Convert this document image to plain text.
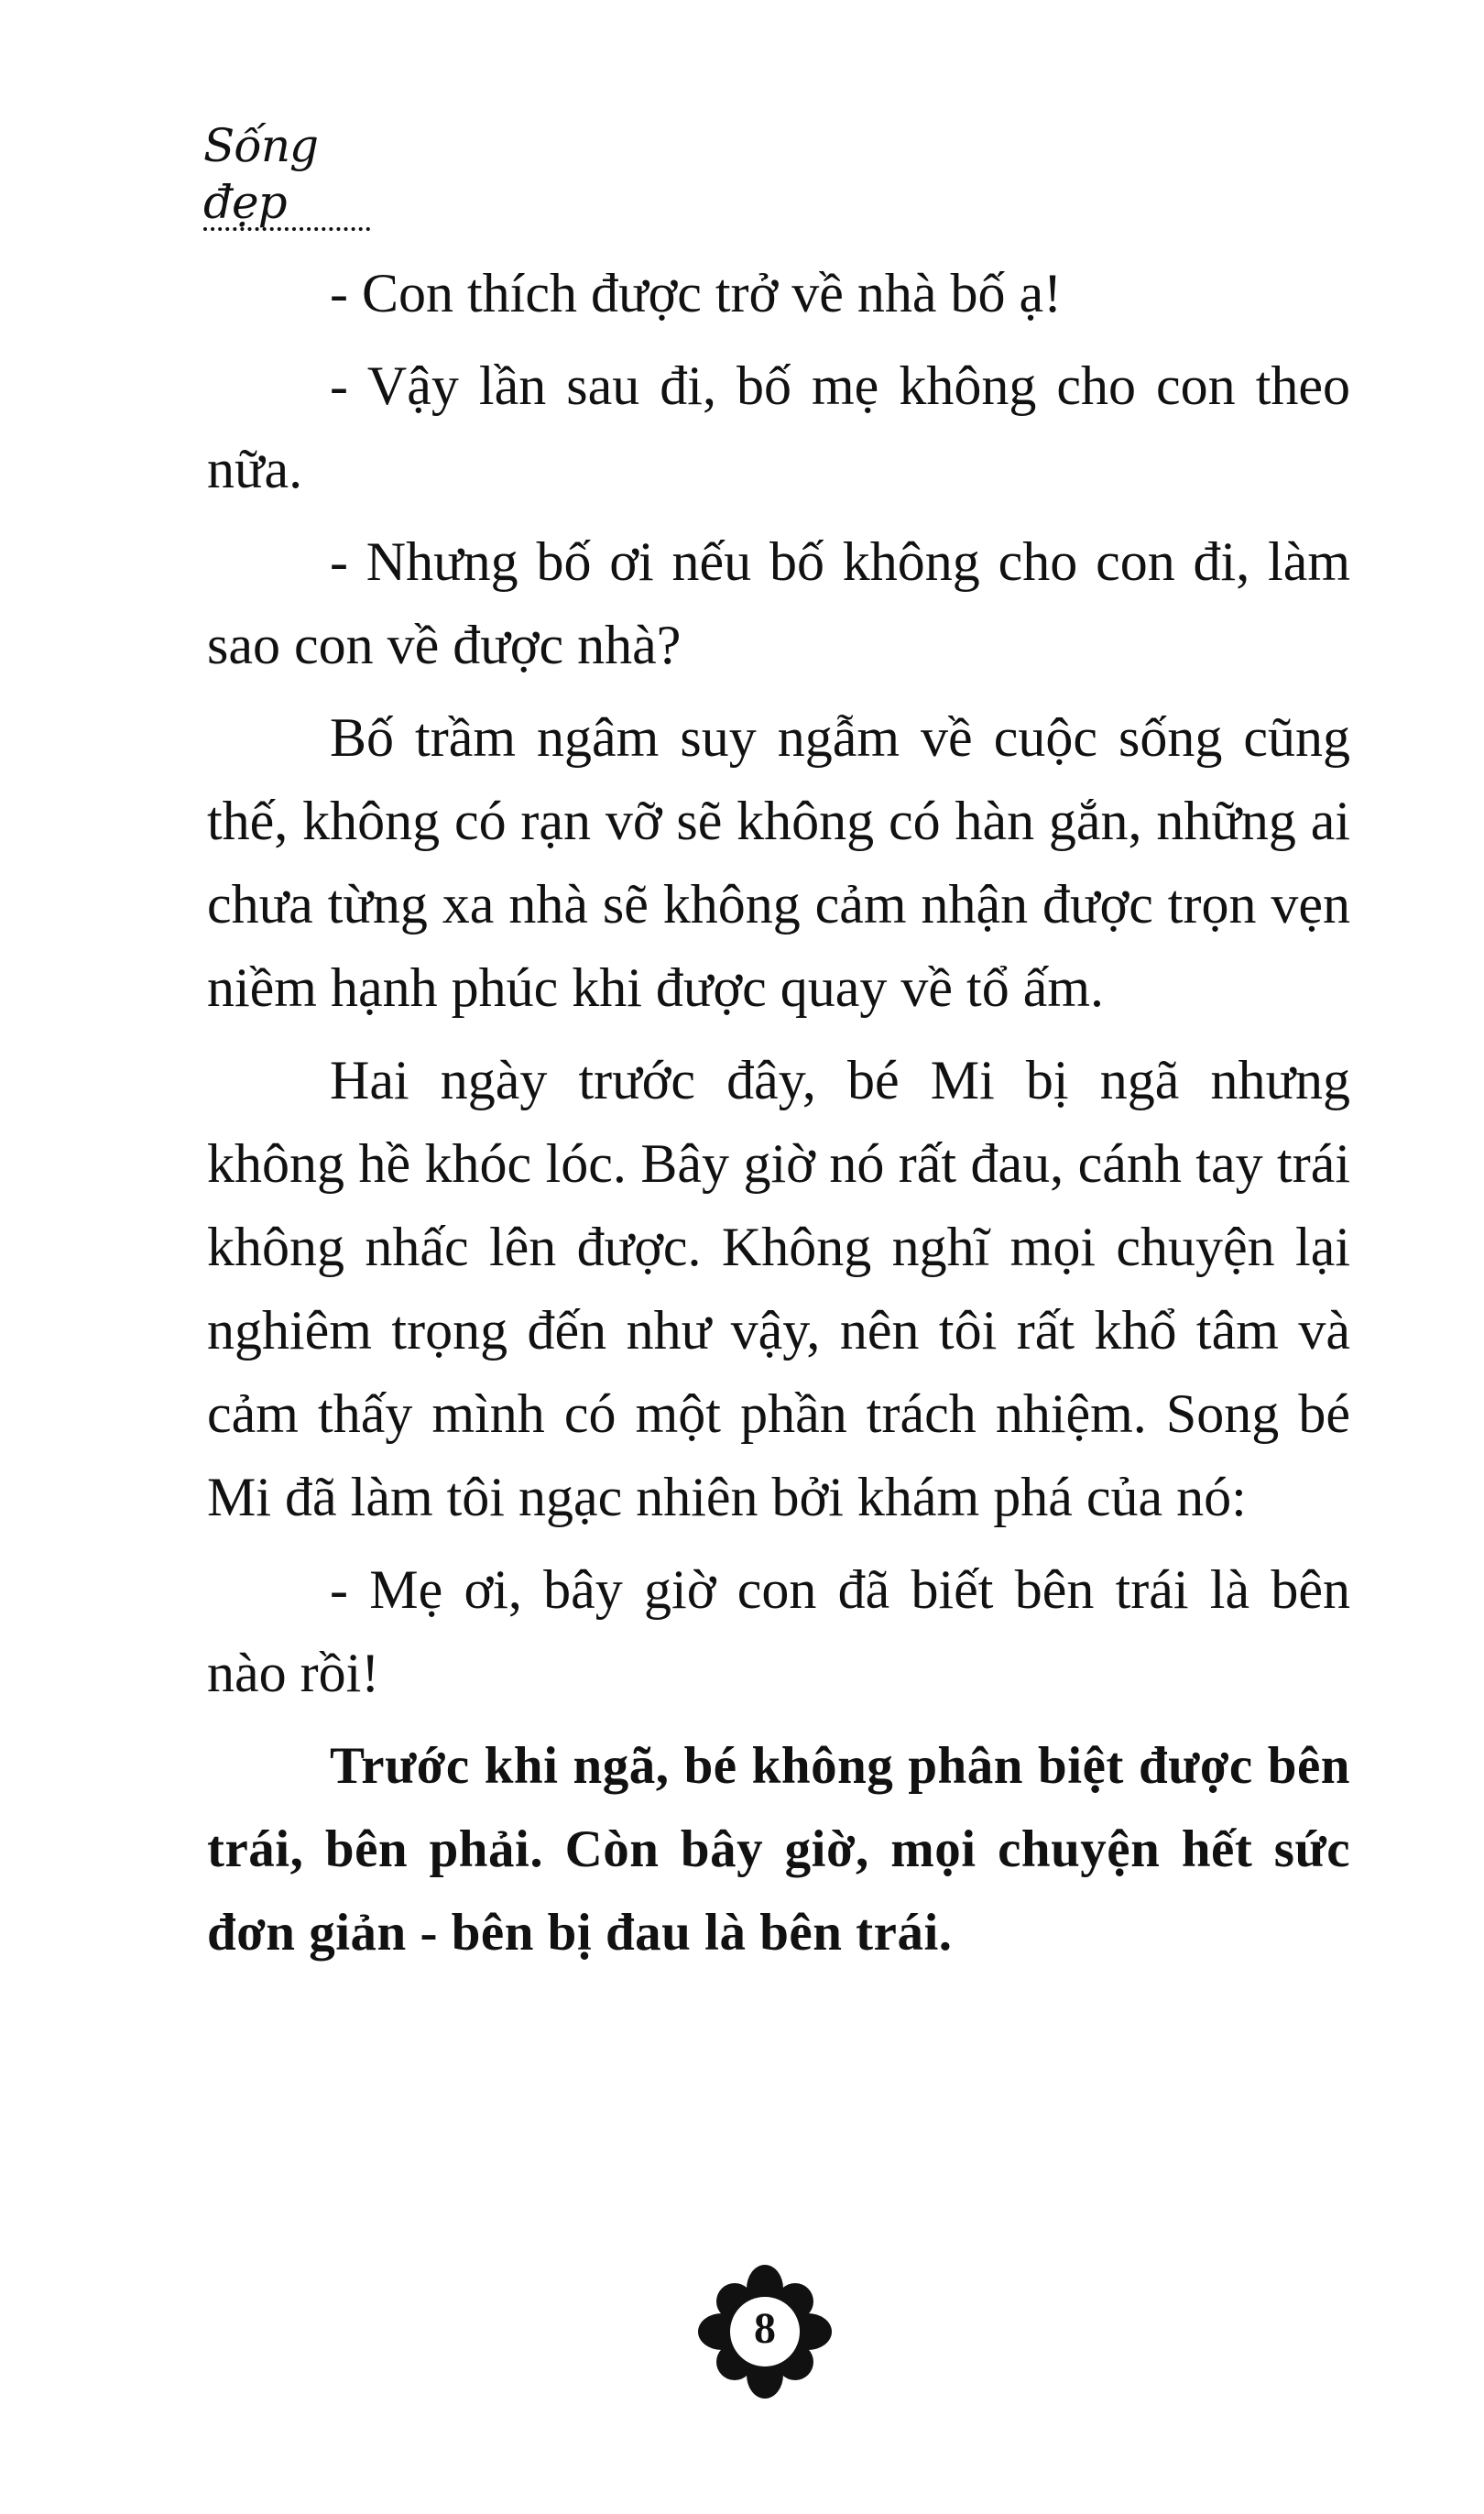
Sống đẹp

- Con thích được trở về nhà bố ạ!

- Vậy lần sau đi, bố mẹ không cho con theo nữa.

- Nhưng bố ơi nếu bố không cho con đi, làm sao con về được nhà?

Bố trầm ngâm suy ngẫm về cuộc sống cũng thế, không có rạn vỡ sẽ không có hàn gắn, những ai chưa từng xa nhà sẽ không cảm nhận được trọn vẹn niềm hạnh phúc khi được quay về tổ ấm.

Hai ngày trước đây, bé Mi bị ngã nhưng không hề khóc lóc. Bây giờ nó rất đau, cánh tay trái không nhấc lên được. Không nghĩ mọi chuyện lại nghiêm trọng đến như vậy, nên tôi rất khổ tâm và cảm thấy mình có một phần trách nhiệm. Song bé Mi đã làm tôi ngạc nhiên bởi khám phá của nó:

- Mẹ ơi, bây giờ con đã biết bên trái là bên nào rồi!

Trước khi ngã, bé không phân biệt được bên trái, bên phải. Còn bây giờ, mọi chuyện hết sức đơn giản - bên bị đau là bên trái.

8
